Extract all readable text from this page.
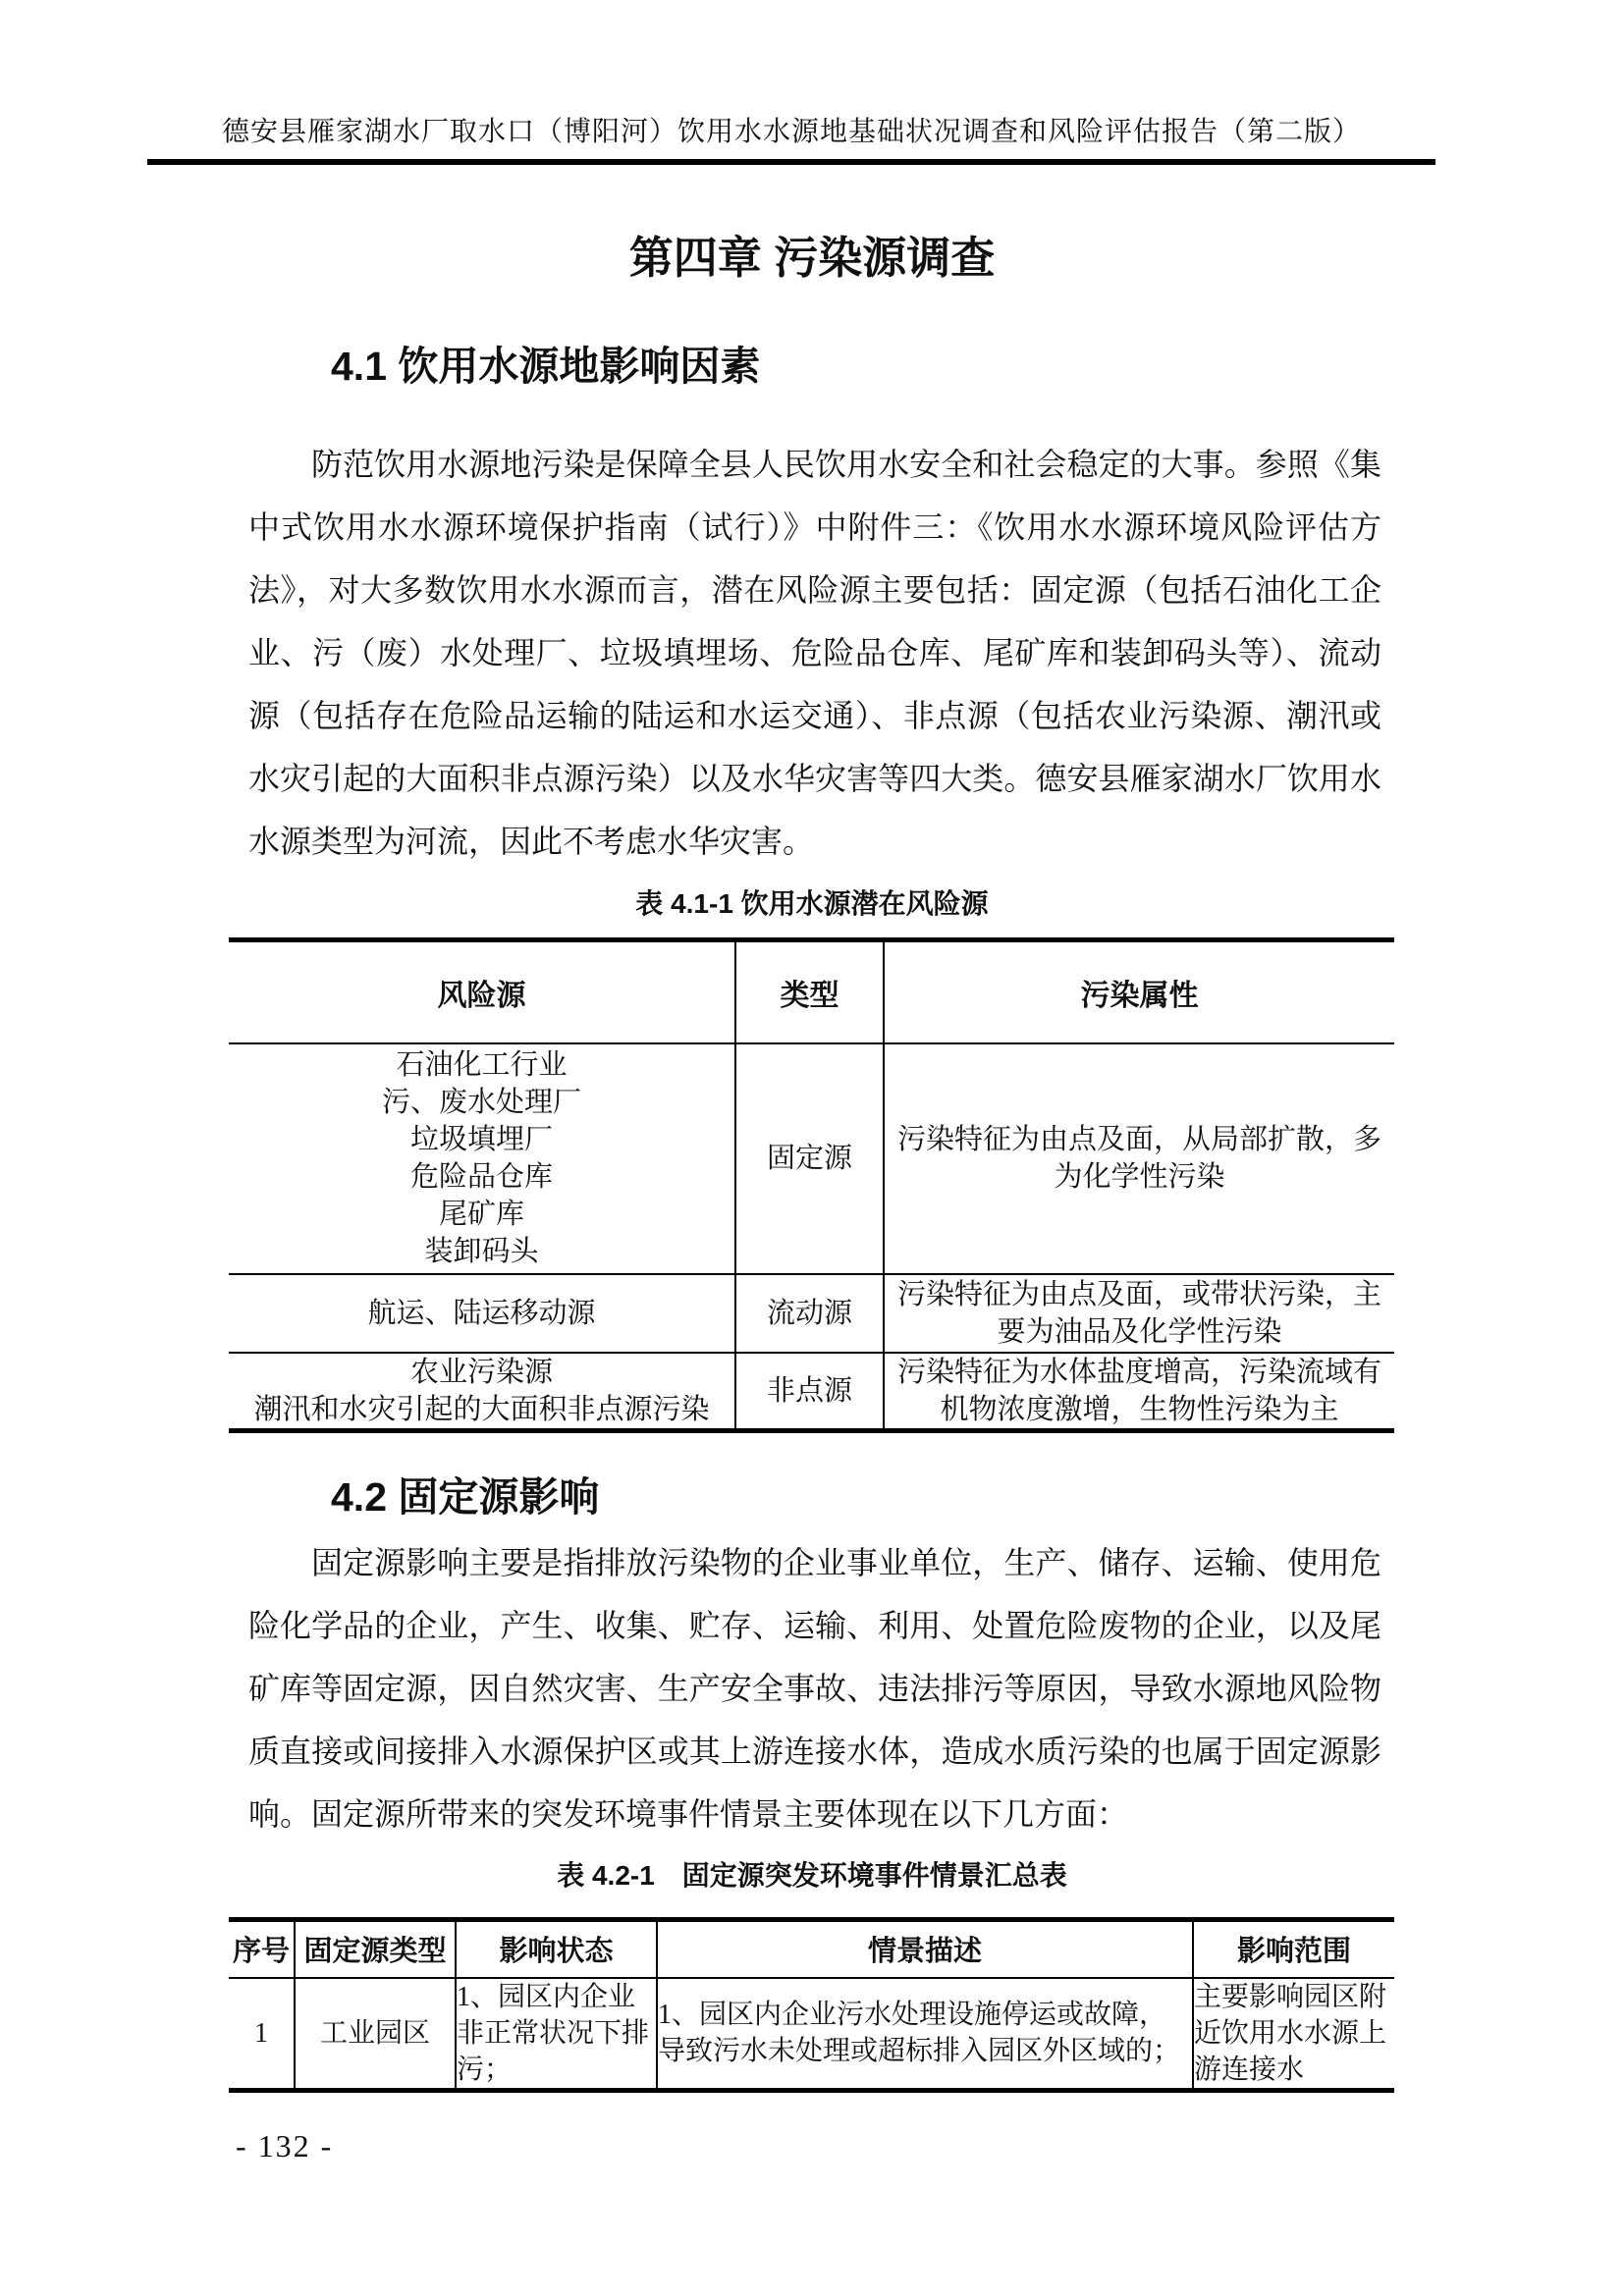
德安县雁家湖水厂取水口（博阳河）饮用水水源地基础状况调查和风险评估报告（第二版）
第四章 污染源调查
4.1 饮用水源地影响因素

防范饮用水源地污染是保障全县人民饮用水安全和社会稳定的大事。参照《集中式饮用水水源环境保护指南（试行）》中附件三：《饮用水水源环境风险评估方法》，对大多数饮用水水源而言，潜在风险源主要包括：固定源（包括石油化工企业、污（废）水处理厂、垃圾填埋场、危险品仓库、尾矿库和装卸码头等）、流动源（包括存在危险品运输的陆运和水运交通）、非点源（包括农业污染源、潮汛或水灾引起的大面积非点源污染）以及水华灾害等四大类。德安县雁家湖水厂饮用水水源类型为河流，因此不考虑水华灾害。

表 4.1-1 饮用水源潜在风险源
风险源	类型	污染属性

石油化工行业
污、废水处理厂
垃圾填埋厂
危险品仓库
尾矿库
装卸码头
	固定源	污染特征为由点及面，从局部扩散，多为化学性污染

航运、陆运移动源	流动源	污染特征为由点及面，或带状污染，主要为油品及化学性污染

农业污染源
潮汛和水灾引起的大面积非点源污染	非点源	污染特征为水体盐度增高，污染流域有机物浓度激增，生物性污染为主
4.2 固定源影响

固定源影响主要是指排放污染物的企业事业单位，生产、储存、运输、使用危险化学品的企业，产生、收集、贮存、运输、利用、处置危险废物的企业，以及尾矿库等固定源，因自然灾害、生产安全事故、违法排污等原因，导致水源地风险物质直接或间接排入水源保护区或其上游连接水体，造成水质污染的也属于固定源影响。固定源所带来的突发环境事件情景主要体现在以下几方面：

表 4.2-1　固定源突发环境事件情景汇总表
序号	固定源类型	影响状态	情景描述	影响范围
1	工业园区	1、园区内企业非正常状况下排污；	1、园区内企业污水处理设施停运或故障，导致污水未处理或超标排入园区外区域的；	主要影响园区附近饮用水水源上游连接水
- 132 -
